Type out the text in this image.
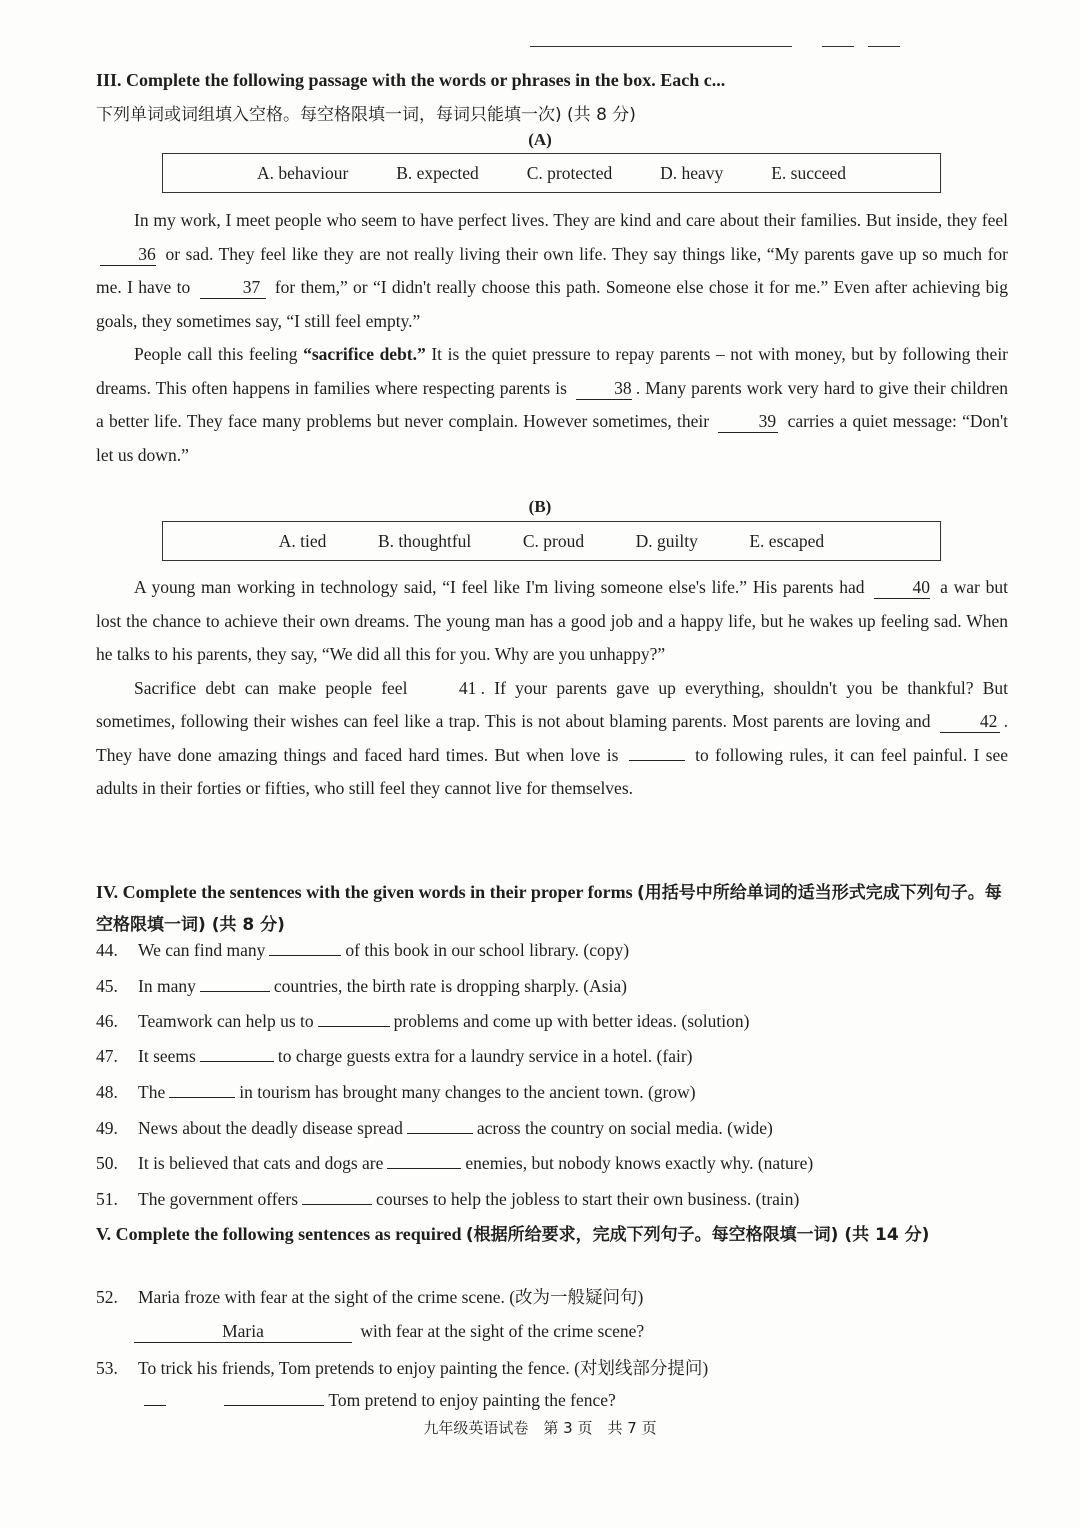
III. Complete the following passage with the words or phrases in the box. Each c...
下列单词或词组填入空格。每空格限填一词，每词只能填一次) (共 8 分)
(A)
A. behaviour	B. expected	C. protected	D. heavy	E. succeed

In my work, I meet people who seem to have perfect lives. They are kind and care about their families. But inside, they feel 36 or sad. They feel like they are not really living their own life. They say things like, “My parents gave up so much for me. I have to	37 for them,” or “I didn't really choose this path. Someone else chose it for me.” Even after achieving big goals, they sometimes say, “I still feel empty.”

People call this feeling “sacrifice debt.” It is the quiet pressure to repay parents – not with money, but by following their dreams. This often happens in families where respecting parents is	38 . Many parents work very hard to give their children a better life. They face many problems but never complain. However sometimes, their	39 carries a quiet message: “Don't let us down.”

(B)
A. tied	B. thoughtful	C. proud	D. guilty	E. escaped

A young man working in technology said, “I feel like I'm living someone else's life.” His parents had	40 a war but lost the chance to achieve their own dreams. The young man has a good job and a happy life, but he wakes up feeling sad. When he talks to his parents, they say, “We did all this for you. Why are you unhappy?”

Sacrifice debt can make people feel	41 . If your parents gave up everything, shouldn't you be thankful? But sometimes, following their wishes can feel like a trap. This is not about blaming parents. Most parents are loving and	42 . They have done amazing things and faced hard times. But when love is	to following rules, it can feel painful. I see adults in their forties or fifties, who still feel they cannot live for themselves.

IV. Complete the sentences with the given words in their proper forms (用括号中所给单词的适当形式完成下列句子。每空格限填一词) (共 8 分)
44. We can find many	of this book in our school library. (copy)
45. In many	countries, the birth rate is dropping sharply. (Asia)
46. Teamwork can help us to	problems and come up with better ideas. (solution)
47. It seems	to charge guests extra for a laundry service in a hotel. (fair)
48. The	in tourism has brought many changes to the ancient town. (grow)
49. News about the deadly disease spread	across the country on social media. (wide)
50. It is believed that cats and dogs are	enemies, but nobody knows exactly why. (nature)
51. The government offers	courses to help the jobless to start their own business. (train)
V. Complete the following sentences as required (根据所给要求，完成下列句子。每空格限填一词) (共 14 分)
52. Maria froze with fear at the sight of the crime scene. (改为一般疑问句)
Maria	with fear at the sight of the crime scene?
53. To trick his friends, Tom pretends to enjoy painting the fence. (对划线部分提问)
Tom pretend to enjoy painting the fence?
九年级英语试卷　第 3 页　共 7 页
